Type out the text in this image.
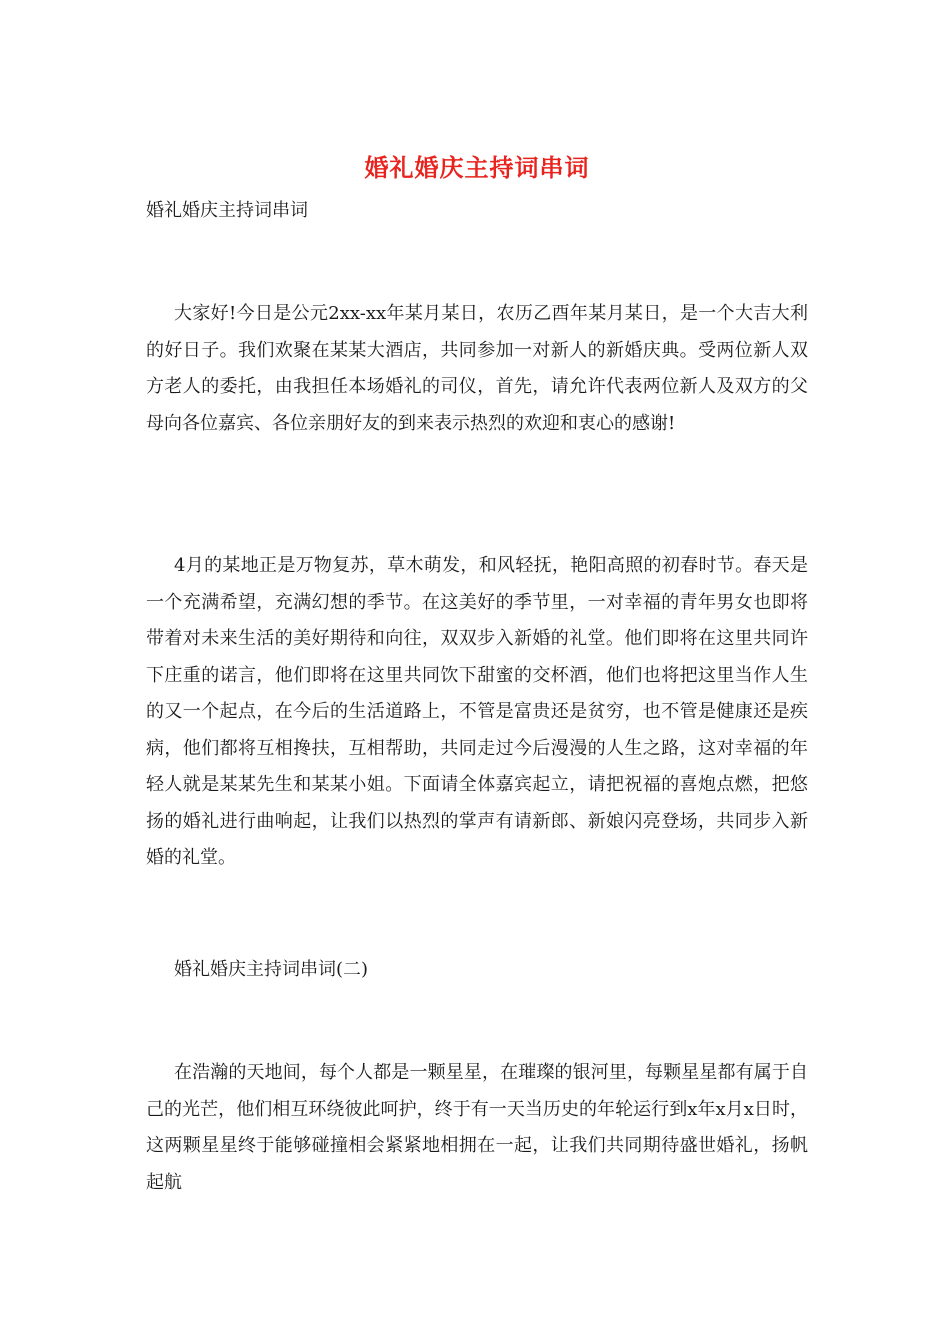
婚礼婚庆主持词串词
婚礼婚庆主持词串词

大家好!今日是公元2xx-xx年某月某日，农历乙酉年某月某日，是一个大吉大利的好日子。我们欢聚在某某大酒店，共同参加一对新人的新婚庆典。受两位新人双方老人的委托，由我担任本场婚礼的司仪，首先，请允许代表两位新人及双方的父母向各位嘉宾、各位亲朋好友的到来表示热烈的欢迎和衷心的感谢!

4月的某地正是万物复苏，草木萌发，和风轻抚，艳阳高照的初春时节。春天是一个充满希望，充满幻想的季节。在这美好的季节里，一对幸福的青年男女也即将带着对未来生活的美好期待和向往，双双步入新婚的礼堂。他们即将在这里共同许下庄重的诺言，他们即将在这里共同饮下甜蜜的交杯酒，他们也将把这里当作人生的又一个起点，在今后的生活道路上，不管是富贵还是贫穷，也不管是健康还是疾病，他们都将互相搀扶，互相帮助，共同走过今后漫漫的人生之路，这对幸福的年轻人就是某某先生和某某小姐。下面请全体嘉宾起立，请把祝福的喜炮点燃，把悠扬的婚礼进行曲响起，让我们以热烈的掌声有请新郎、新娘闪亮登场，共同步入新婚的礼堂。

婚礼婚庆主持词串词(二)

在浩瀚的天地间，每个人都是一颗星星，在璀璨的银河里，每颗星星都有属于自己的光芒，他们相互环绕彼此呵护，终于有一天当历史的年轮运行到x年x月x日时，这两颗星星终于能够碰撞相会紧紧地相拥在一起，让我们共同期待盛世婚礼，扬帆起航
